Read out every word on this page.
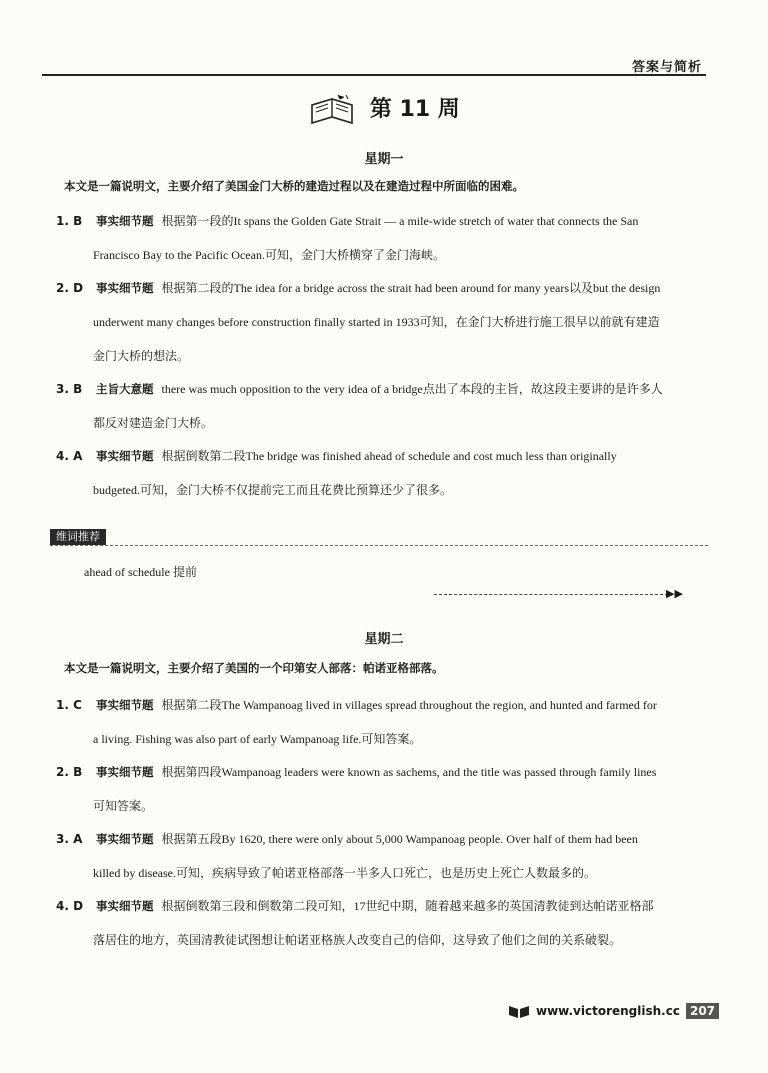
答案与简析
第 11 周
星期一
本文是一篇说明文，主要介绍了美国金门大桥的建造过程以及在建造过程中所面临的困难。
1. B	事实细节题 根据第一段的It spans the Golden Gate Strait — a mile-wide stretch of water that connects the San
Francisco Bay to the Pacific Ocean.可知，金门大桥横穿了金门海峡。
2. D	事实细节题 根据第二段的The idea for a bridge across the strait had been around for many years以及but the design
underwent many changes before construction finally started in 1933可知，在金门大桥进行施工很早以前就有建造
金门大桥的想法。
3. B	主旨大意题 there was much opposition to the very idea of a bridge点出了本段的主旨，故这段主要讲的是许多人
都反对建造金门大桥。
4. A	事实细节题 根据倒数第二段The bridge was finished ahead of schedule and cost much less than originally
budgeted.可知，金门大桥不仅提前完工而且花费比预算还少了很多。
维词推荐
ahead of schedule 提前
▶▶
星期二
本文是一篇说明文，主要介绍了美国的一个印第安人部落：帕诺亚格部落。
1. C	事实细节题 根据第二段The Wampanoag lived in villages spread throughout the region, and hunted and farmed for
a living. Fishing was also part of early Wampanoag life.可知答案。
2. B	事实细节题 根据第四段Wampanoag leaders were known as sachems, and the title was passed through family lines
可知答案。
3. A	事实细节题 根据第五段By 1620, there were only about 5,000 Wampanoag people. Over half of them had been
killed by disease.可知，疾病导致了帕诺亚格部落一半多人口死亡，也是历史上死亡人数最多的。
4. D	事实细节题 根据倒数第三段和倒数第二段可知，17世纪中期，随着越来越多的英国清教徒到达帕诺亚格部
落居住的地方，英国清教徒试图想让帕诺亚格族人改变自己的信仰，这导致了他们之间的关系破裂。
www.victorenglish.cc 207
